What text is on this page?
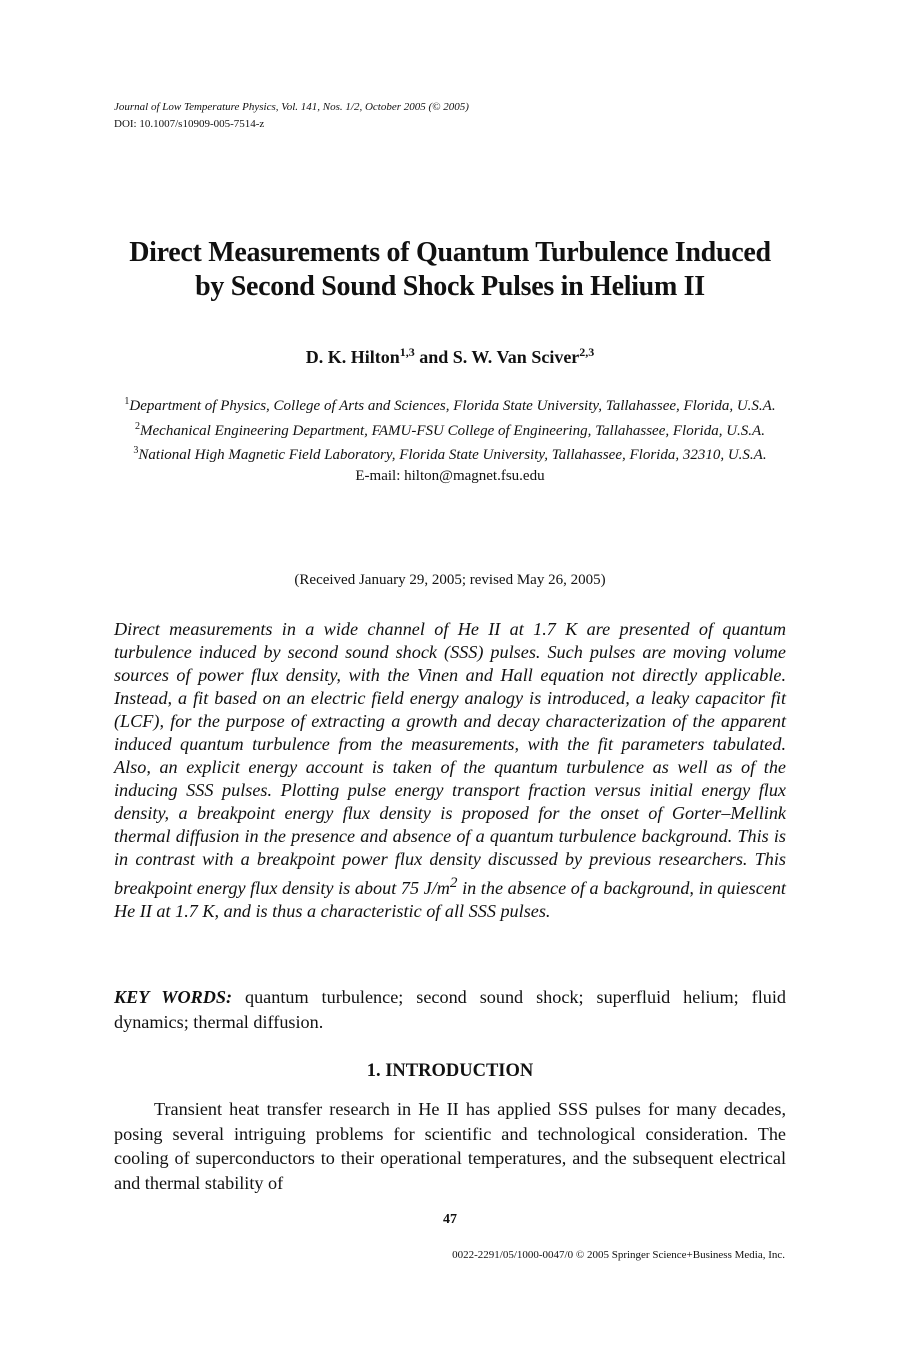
Journal of Low Temperature Physics, Vol. 141, Nos. 1/2, October 2005 (© 2005)
DOI: 10.1007/s10909-005-7514-z
Direct Measurements of Quantum Turbulence Induced
by Second Sound Shock Pulses in Helium II
D. K. Hilton$^{1,3}$ and S. W. Van Sciver$^{2,3}$
$^1$Department of Physics, College of Arts and Sciences, Florida State University, Tallahassee, Florida, U.S.A.
$^2$Mechanical Engineering Department, FAMU-FSU College of Engineering, Tallahassee, Florida, U.S.A.
$^3$National High Magnetic Field Laboratory, Florida State University, Tallahassee, Florida, 32310, U.S.A.
E-mail: hilton@magnet.fsu.edu
(Received January 29, 2005; revised May 26, 2005)
Direct measurements in a wide channel of He II at 1.7 K are presented of quantum turbulence induced by second sound shock (SSS) pulses. Such pulses are moving volume sources of power flux density, with the Vinen and Hall equation not directly applicable. Instead, a fit based on an electric field energy analogy is introduced, a leaky capacitor fit (LCF), for the purpose of extracting a growth and decay characterization of the apparent induced quantum turbulence from the measurements, with the fit parameters tabulated. Also, an explicit energy account is taken of the quantum turbulence as well as of the inducing SSS pulses. Plotting pulse energy transport fraction versus initial energy flux density, a breakpoint energy flux density is proposed for the onset of Gorter–Mellink thermal diffusion in the presence and absence of a quantum turbulence background. This is in contrast with a breakpoint power flux density discussed by previous researchers. This breakpoint energy flux density is about 75 $J/m^2$ in the absence of a background, in quiescent He II at 1.7 K, and is thus a characteristic of all SSS pulses.
KEY WORDS: quantum turbulence; second sound shock; superfluid helium; fluid dynamics; thermal diffusion.
1. INTRODUCTION
Transient heat transfer research in He II has applied SSS pulses for many decades, posing several intriguing problems for scientific and technological consideration. The cooling of superconductors to their operational temperatures, and the subsequent electrical and thermal stability of
47
0022-2291/05/1000-0047/0 © 2005 Springer Science+Business Media, Inc.
